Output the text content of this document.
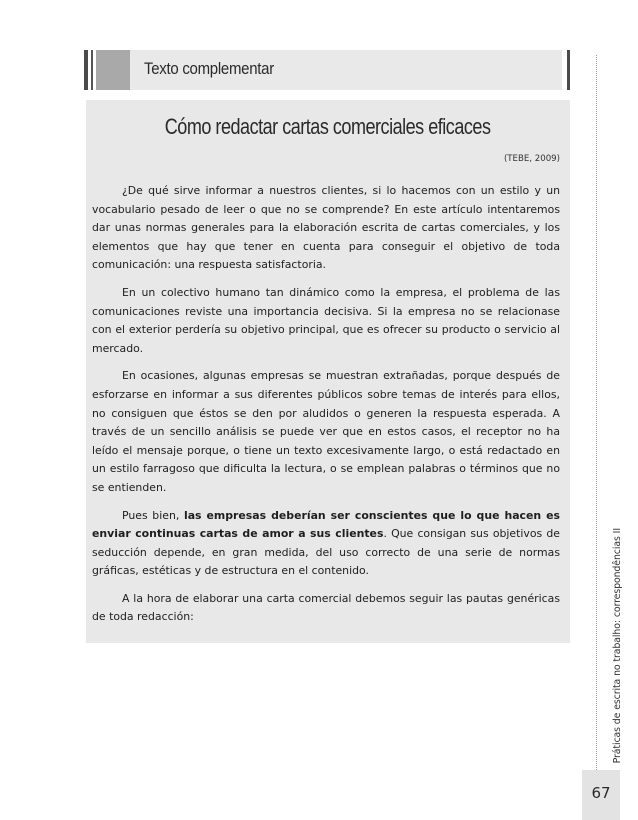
Texto complementar
Cómo redactar cartas comerciales eficaces
(TEBE, 2009)

¿De qué sirve informar a nuestros clientes, si lo hacemos con un estilo y un vocabulario pesado de leer o que no se comprende? En este artículo intentaremos dar unas normas generales para la elaboración escrita de cartas comerciales, y los elementos que hay que tener en cuenta para conseguir el objetivo de toda comunicación: una respuesta satisfactoria.

En un colectivo humano tan dinámico como la empresa, el problema de las comunicaciones reviste una importancia decisiva. Si la empresa no se relacionase con el exterior perdería su objetivo principal, que es ofrecer su producto o servicio al mercado.

En ocasiones, algunas empresas se muestran extrañadas, porque después de esforzarse en informar a sus diferentes públicos sobre temas de interés para ellos, no consiguen que éstos se den por aludidos o generen la respuesta esperada. A través de un sencillo análisis se puede ver que en estos casos, el receptor no ha leído el mensaje porque, o tiene un texto excesivamente largo, o está redactado en un estilo farragoso que dificulta la lectura, o se emplean palabras o términos que no se entienden.

Pues bien, las empresas deberían ser conscientes que lo que hacen es enviar continuas cartas de amor a sus clientes. Que consigan sus objetivos de seducción depende, en gran medida, del uso correcto de una serie de normas gráficas, estéticas y de estructura en el contenido.

A la hora de elaborar una carta comercial debemos seguir las pautas genéricas de toda redacción:	Práticas de escrita no trabalho: correspondências II
67
